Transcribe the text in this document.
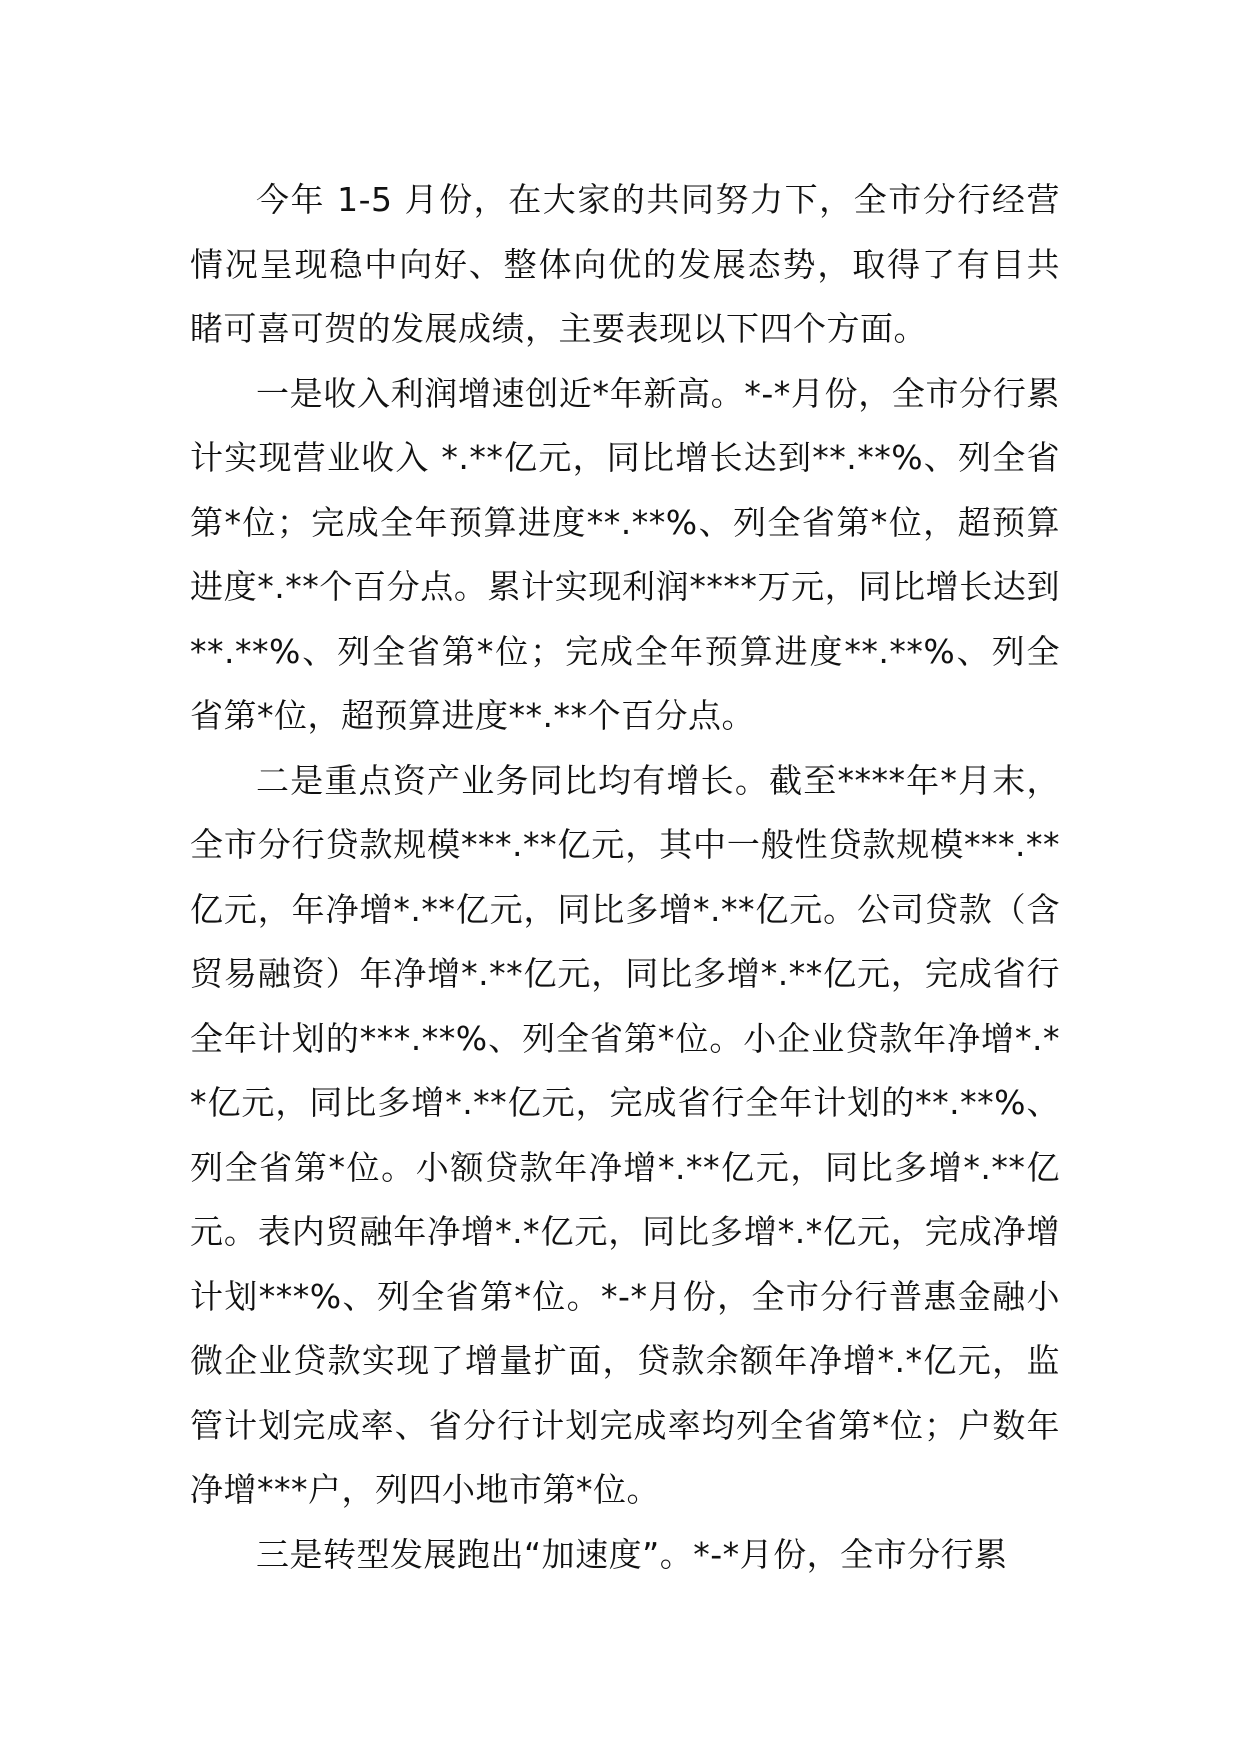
今年 1-5 月份，在大家的共同努力下，全市分行经营情况呈现稳中向好、整体向优的发展态势，取得了有目共睹可喜可贺的发展成绩，主要表现以下四个方面。

一是收入利润增速创近*年新高。*-*月份，全市分行累计实现营业收入 *.**亿元，同比增长达到**.**%、列全省第*位；完成全年预算进度**.**%、列全省第*位，超预算进度*.**个百分点。累计实现利润****万元，同比增长达到**.**%、列全省第*位；完成全年预算进度**.**%、列全省第*位，超预算进度**.**个百分点。

二是重点资产业务同比均有增长。截至****年*月末，全市分行贷款规模***.**亿元，其中一般性贷款规模***.**亿元，年净增*.**亿元，同比多增*.**亿元。公司贷款（含贸易融资）年净增*.**亿元，同比多增*.**亿元，完成省行全年计划的***.**%、列全省第*位。小企业贷款年净增*.**亿元，同比多增*.**亿元，完成省行全年计划的**.**%、列全省第*位。小额贷款年净增*.**亿元，同比多增*.**亿元。表内贸融年净增*.*亿元，同比多增*.*亿元，完成净增计划***%、列全省第*位。*-*月份，全市分行普惠金融小微企业贷款实现了增量扩面，贷款余额年净增*.*亿元，监管计划完成率、省分行计划完成率均列全省第*位；户数年净增***户，列四小地市第*位。

三是转型发展跑出“加速度”。*-*月份，全市分行累
